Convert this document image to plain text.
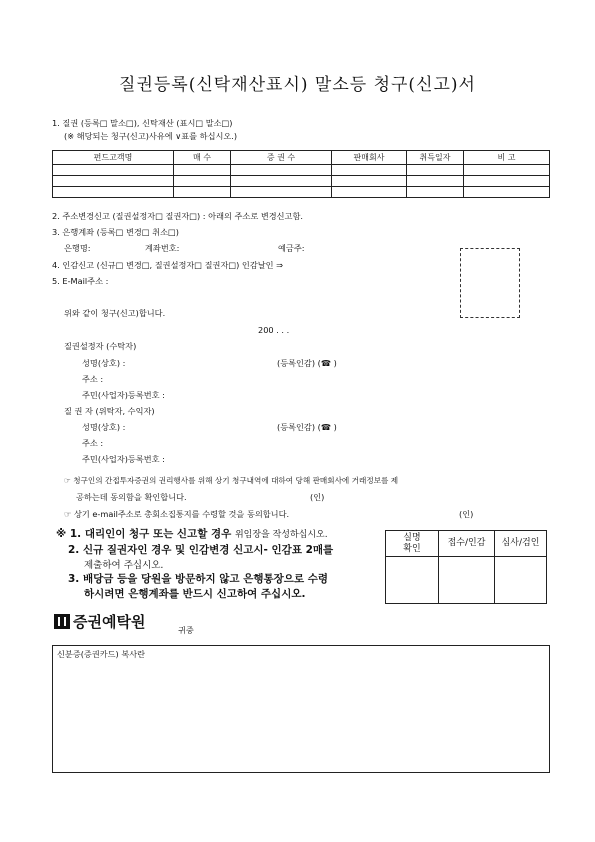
질권등록(신탁재산표시) 말소등 청구(신고)서
1. 질권 (등록□ 말소□), 신탁재산 (표시□ 말소□)
(※ 해당되는 청구(신고)사유에 ∨표를 하십시오.)
펀드고객명	매 수	증 권 수	판매회사	취득일자	비 고

2. 주소변경신고 (질권설정자□ 질권자□) : 아래의 주소로 변경신고함.
3. 은행계좌 (등록□ 변경□ 취소□)
은행명:	계좌번호:	예금주:
4. 인감신고 (신규□ 변경□, 질권설정자□ 질권자□) 인감날인 ⇒
5. E-Mail주소 :
위와 같이 청구(신고)합니다.
200 . . .
질권설정자 (수탁자)
성명(상호) :	(등록인감) (☎ )
주소 :
주민(사업자)등록번호 :
질 권 자 (위탁자, 수익자)
성명(상호) :	(등록인감) (☎ )
주소 :
주민(사업자)등록번호 :
☞ 청구인의 간접투자증권의 권리행사를 위해 상기 청구내역에 대하여 당해 판매회사에 거래정보를 제
공하는데 동의함을 확인합니다.	(인)
☞ 상기 e-mail주소로 총회소집통지를 수령할 것을 동의합니다.	(인)
※ 1. 대리인이 청구 또는 신고할 경우 위임장을 작성하십시오.
2. 신규 질권자인 경우 및 인감변경 신고시- 인감표 2매를
제출하여 주십시오.
3. 배당금 등을 당원을 방문하지 않고 은행통장으로 수령
하시려면 은행계좌를 반드시 신고하여 주십시오.
실명
확인	접수/인감	심사/검인

증권예탁원	귀중
신분증(증권카드) 복사란
